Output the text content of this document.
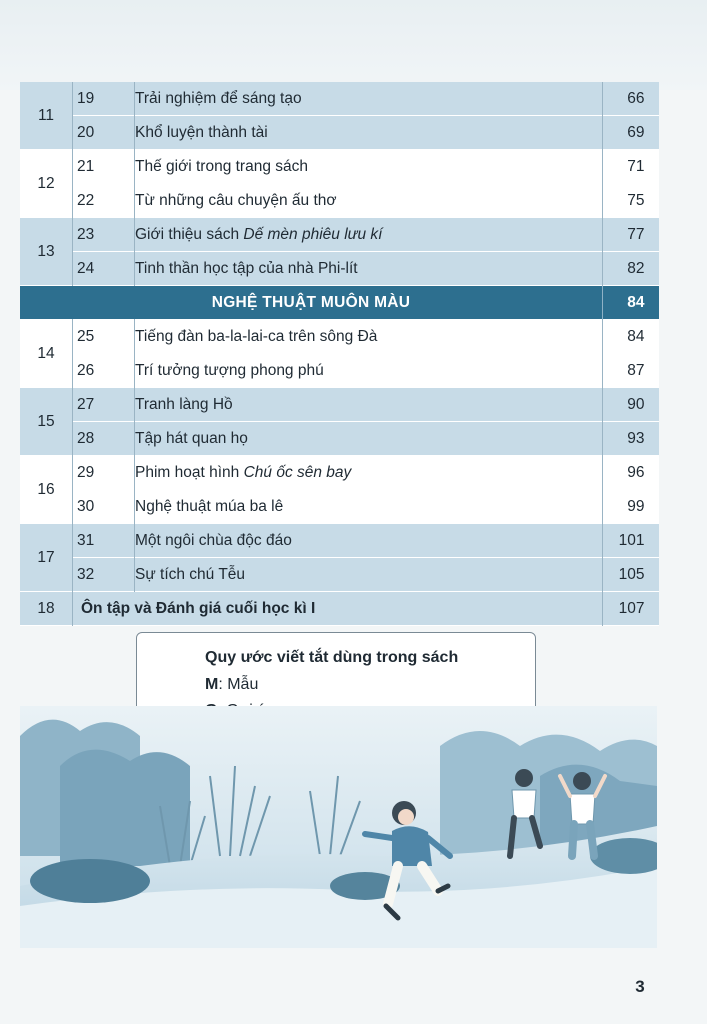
11	19	Trải nghiệm để sáng tạo	66
	20	Khổ luyện thành tài	69
12	21	Thế giới trong trang sách	71
	22	Từ những câu chuyện ấu thơ	75
13	23	Giới thiệu sách Dế mèn phiêu lưu kí	77
	24	Tinh thần học tập của nhà Phi-lít	82
NGHỆ THUẬT MUÔN MÀU			84
14	25	Tiếng đàn ba-la-lai-ca trên sông Đà	84
	26	Trí tưởng tượng phong phú	87
15	27	Tranh làng Hồ	90
	28	Tập hát quan họ	93
16	29	Phim hoạt hình Chú ốc sên bay	96
	30	Nghệ thuật múa ba lê	99
17	31	Một ngôi chùa độc đáo	101
	32	Sự tích chú Tễu	105
18	Ôn tập và Đánh giá cuối học kì I		107
Quy ước viết tắt dùng trong sách
M: Mẫu
3
